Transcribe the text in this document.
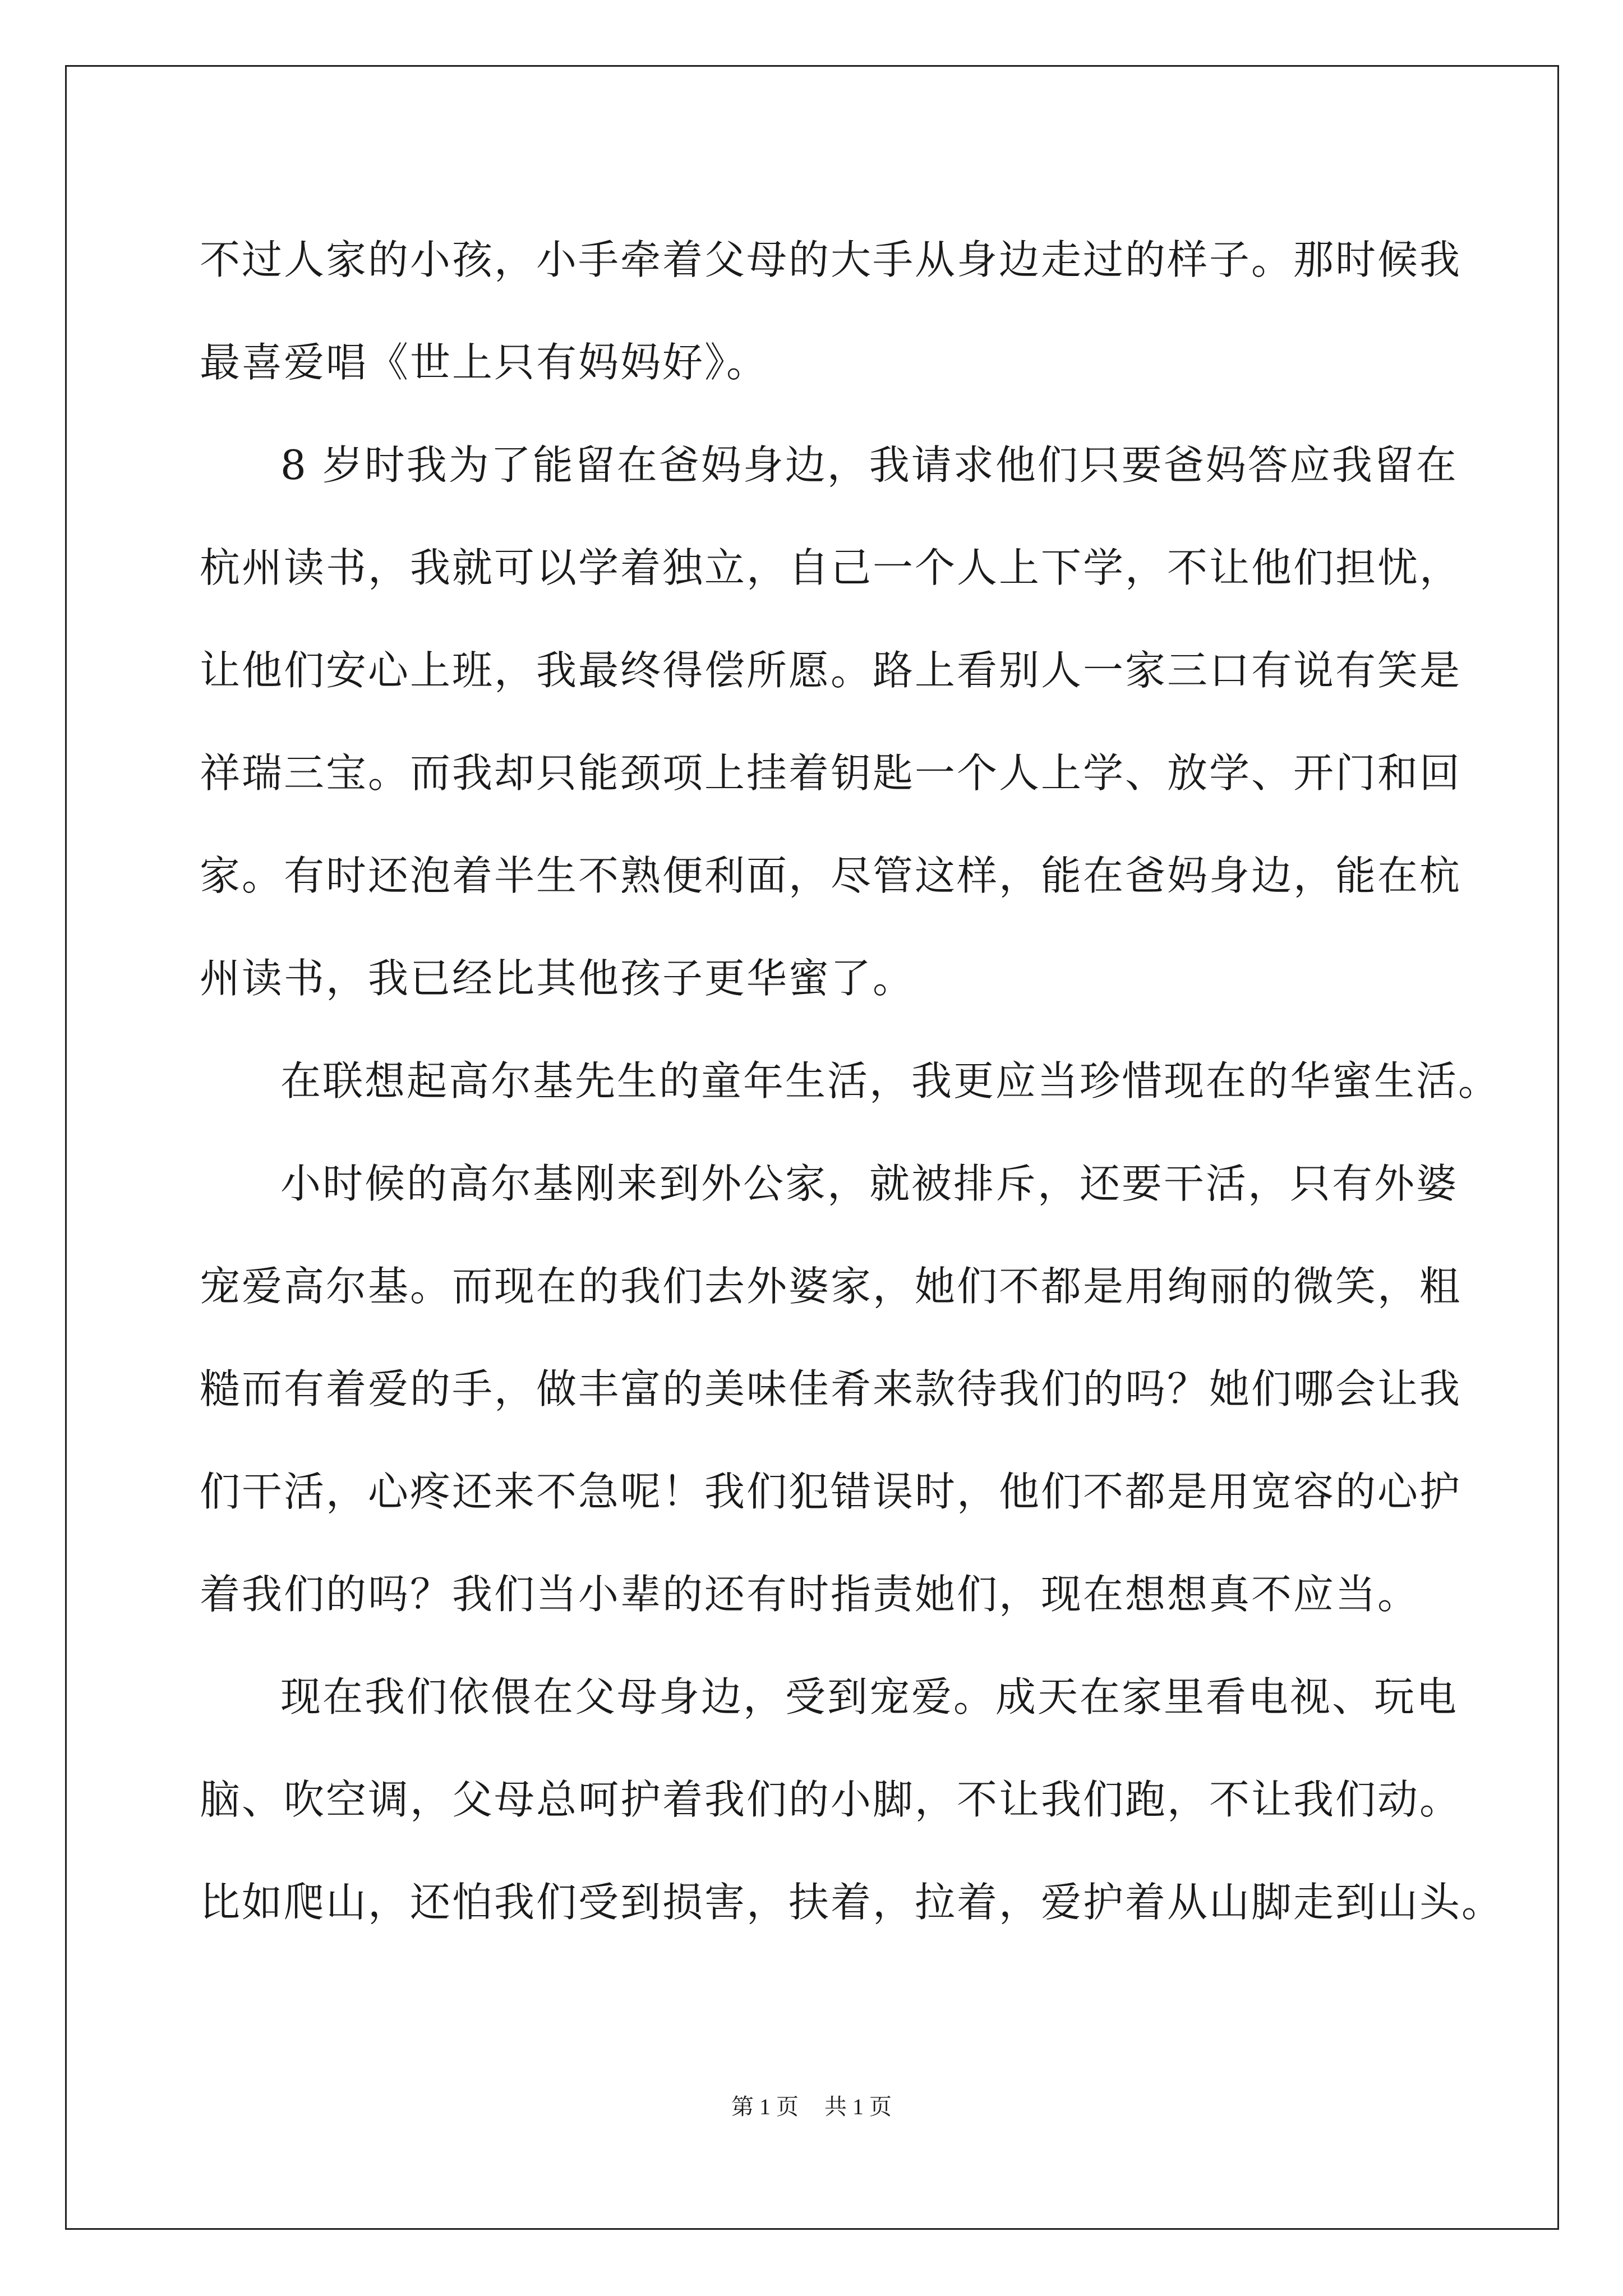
不过人家的小孩，小手牵着父母的大手从身边走过的样子。那时候我
最喜爱唱《世上只有妈妈好》。
8 岁时我为了能留在爸妈身边，我请求他们只要爸妈答应我留在
杭州读书，我就可以学着独立，自己一个人上下学，不让他们担忧，
让他们安心上班，我最终得偿所愿。路上看别人一家三口有说有笑是
祥瑞三宝。而我却只能颈项上挂着钥匙一个人上学、放学、开门和回
家。有时还泡着半生不熟便利面，尽管这样，能在爸妈身边，能在杭
州读书，我已经比其他孩子更华蜜了。
在联想起高尔基先生的童年生活，我更应当珍惜现在的华蜜生活。
小时候的高尔基刚来到外公家，就被排斥，还要干活，只有外婆
宠爱高尔基。而现在的我们去外婆家，她们不都是用绚丽的微笑，粗
糙而有着爱的手，做丰富的美味佳肴来款待我们的吗？她们哪会让我
们干活，心疼还来不急呢！我们犯错误时，他们不都是用宽容的心护
着我们的吗？我们当小辈的还有时指责她们，现在想想真不应当。
现在我们依偎在父母身边，受到宠爱。成天在家里看电视、玩电
脑、吹空调，父母总呵护着我们的小脚，不让我们跑，不让我们动。
比如爬山，还怕我们受到损害，扶着，拉着，爱护着从山脚走到山头。
第 1 页 共 1 页
